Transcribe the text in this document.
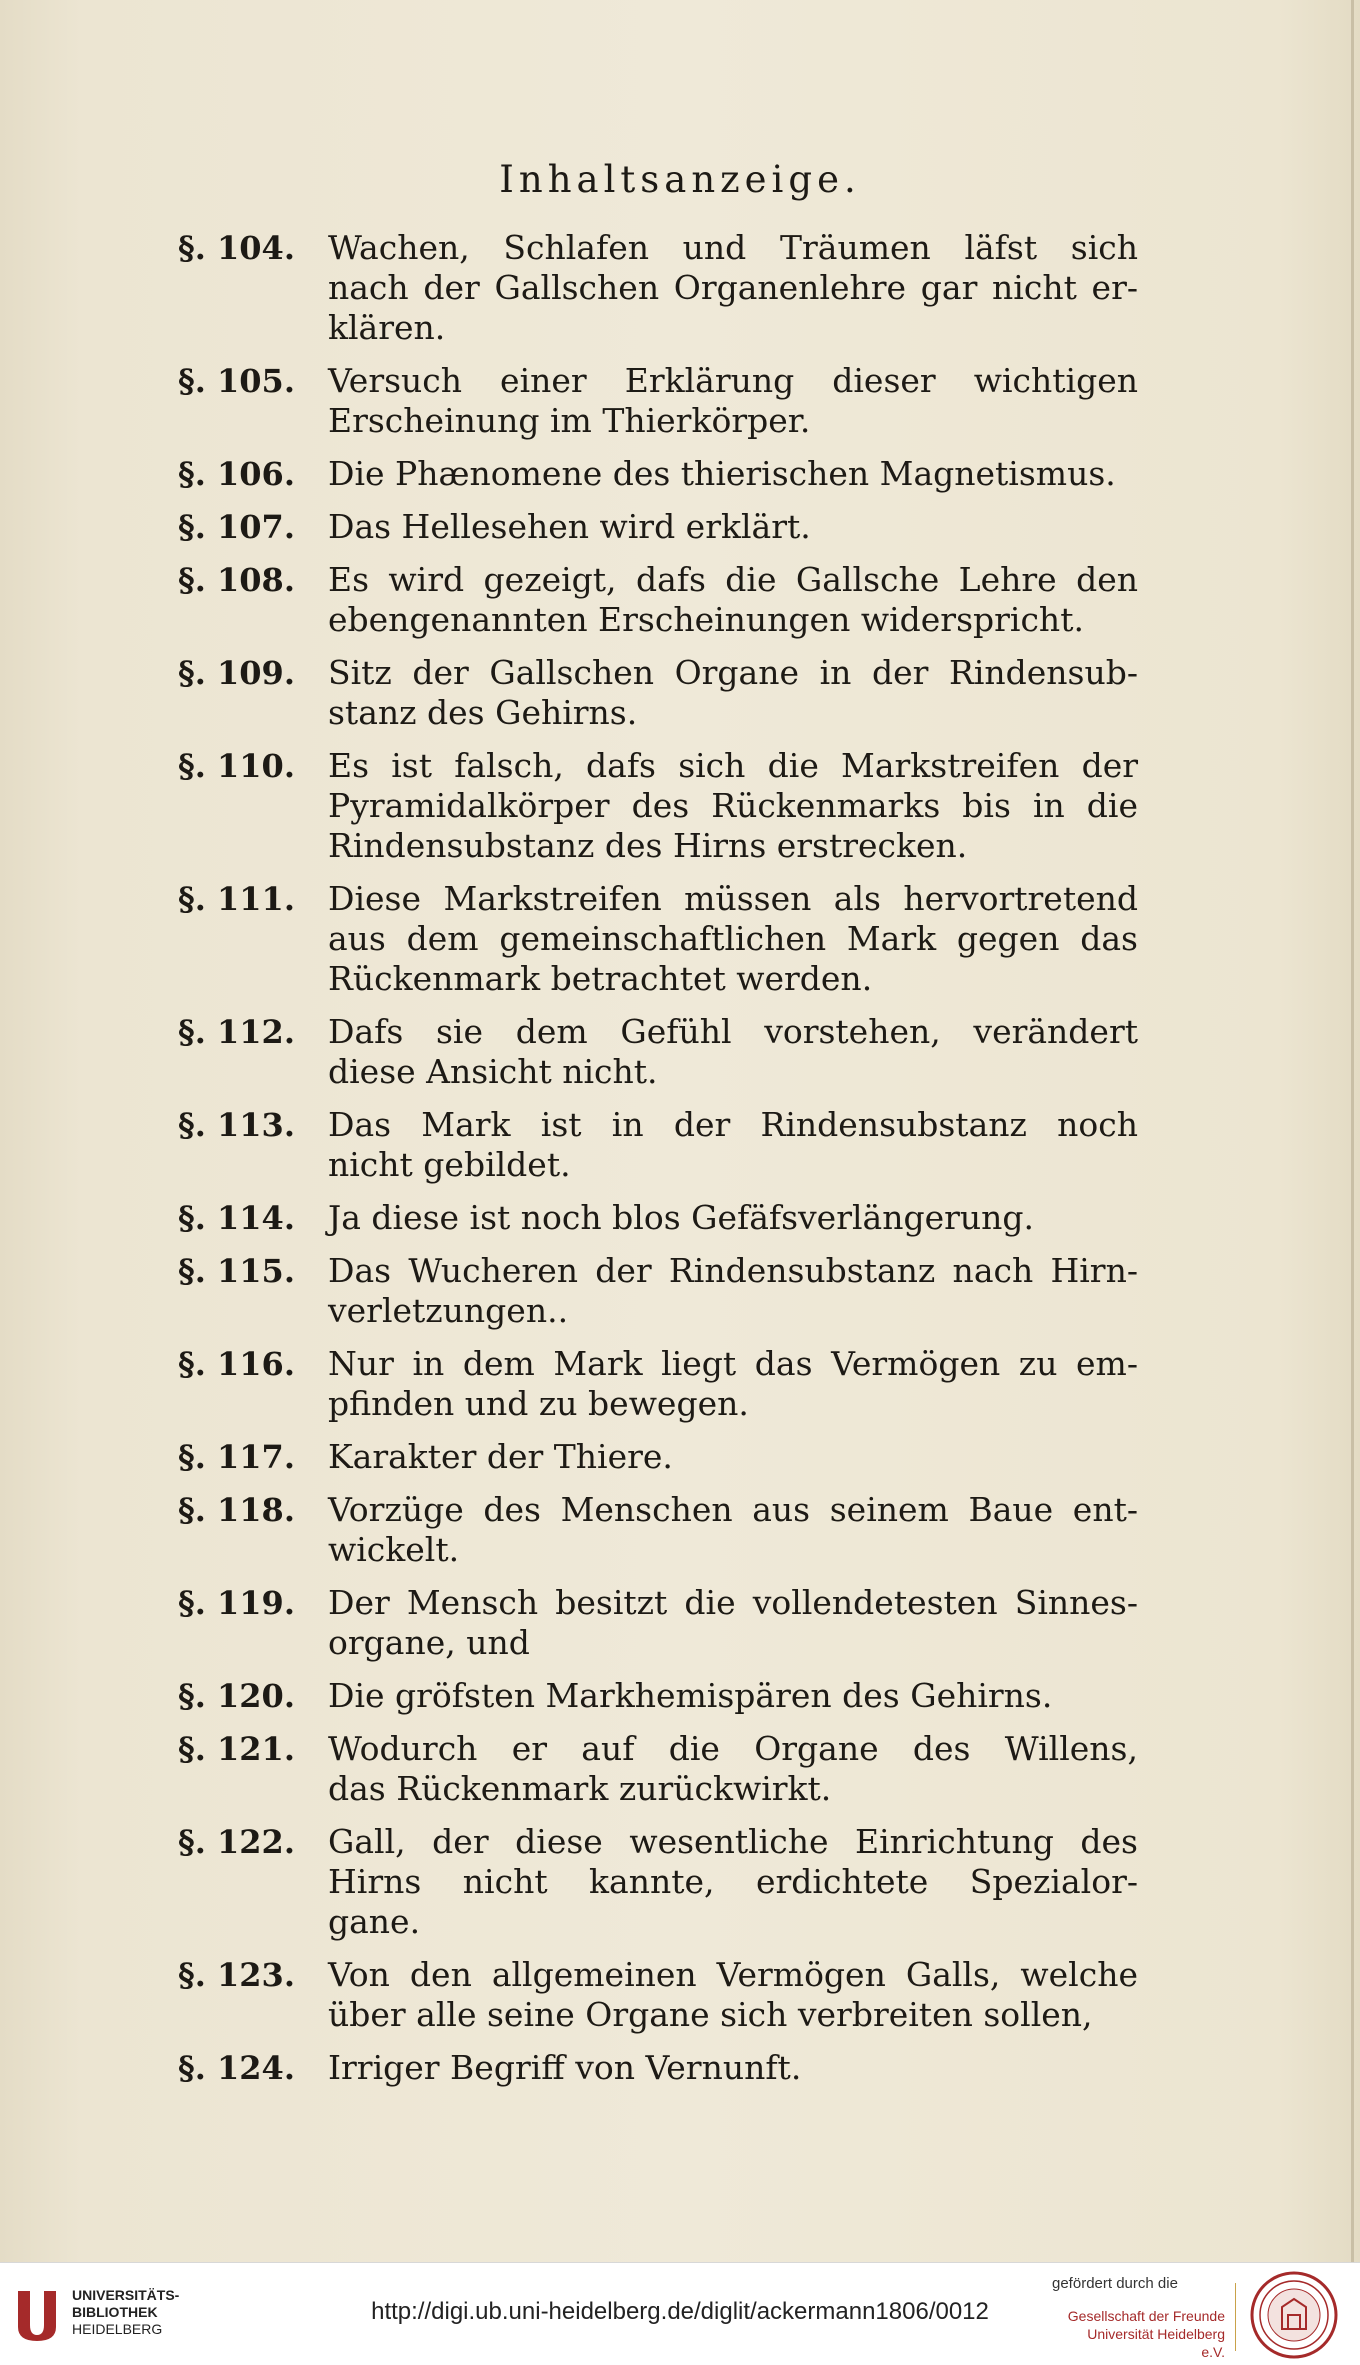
Inhaltsanzeige.
§. 104.	Wachen, Schlafen und Träumen läfst sich
nach der Gallschen Organenlehre gar nicht er-
klären.
§. 105.	Versuch einer Erklärung dieser wichtigen
Erscheinung im Thierkörper.
§. 106.	Die Phænomene des thierischen Magnetismus.
§. 107.	Das Hellesehen wird erklärt.
§. 108.	Es wird gezeigt, dafs die Gallsche Lehre den
ebengenannten Erscheinungen widerspricht.
§. 109.	Sitz der Gallschen Organe in der Rindensub-
stanz des Gehirns.
§. 110.	Es ist falsch, dafs sich die Markstreifen der
Pyramidalkörper des Rückenmarks bis in die
Rindensubstanz des Hirns erstrecken.
§. 111.	Diese Markstreifen müssen als hervortretend
aus dem gemeinschaftlichen Mark gegen das
Rückenmark betrachtet werden.
§. 112.	Dafs sie dem Gefühl vorstehen, verändert
diese Ansicht nicht.
§. 113.	Das Mark ist in der Rindensubstanz noch
nicht gebildet.
§. 114.	Ja diese ist noch blos Gefäfsverlängerung.
§. 115.	Das Wucheren der Rindensubstanz nach Hirn-
verletzungen..
§. 116.	Nur in dem Mark liegt das Vermögen zu em-
pfinden und zu bewegen.
§. 117.	Karakter der Thiere.
§. 118.	Vorzüge des Menschen aus seinem Baue ent-
wickelt.
§. 119.	Der Mensch besitzt die vollendetesten Sinnes-
organe, und
§. 120.	Die gröfsten Markhemispären des Gehirns.
§. 121.	Wodurch er auf die Organe des Willens,
das Rückenmark zurückwirkt.
§. 122.	Gall, der diese wesentliche Einrichtung des
Hirns nicht kannte, erdichtete Spezialor-
gane.
§. 123.	Von den allgemeinen Vermögen Galls, welche
über alle seine Organe sich verbreiten sollen,
§. 124.	Irriger Begriff von Vernunft.
UNIVERSITÄTS-
BIBLIOTHEK
HEIDELBERG
http://digi.ub.uni-heidelberg.de/diglit/ackermann1806/0012
gefördert durch die
Gesellschaft der Freunde
Universität Heidelberg e.V.
